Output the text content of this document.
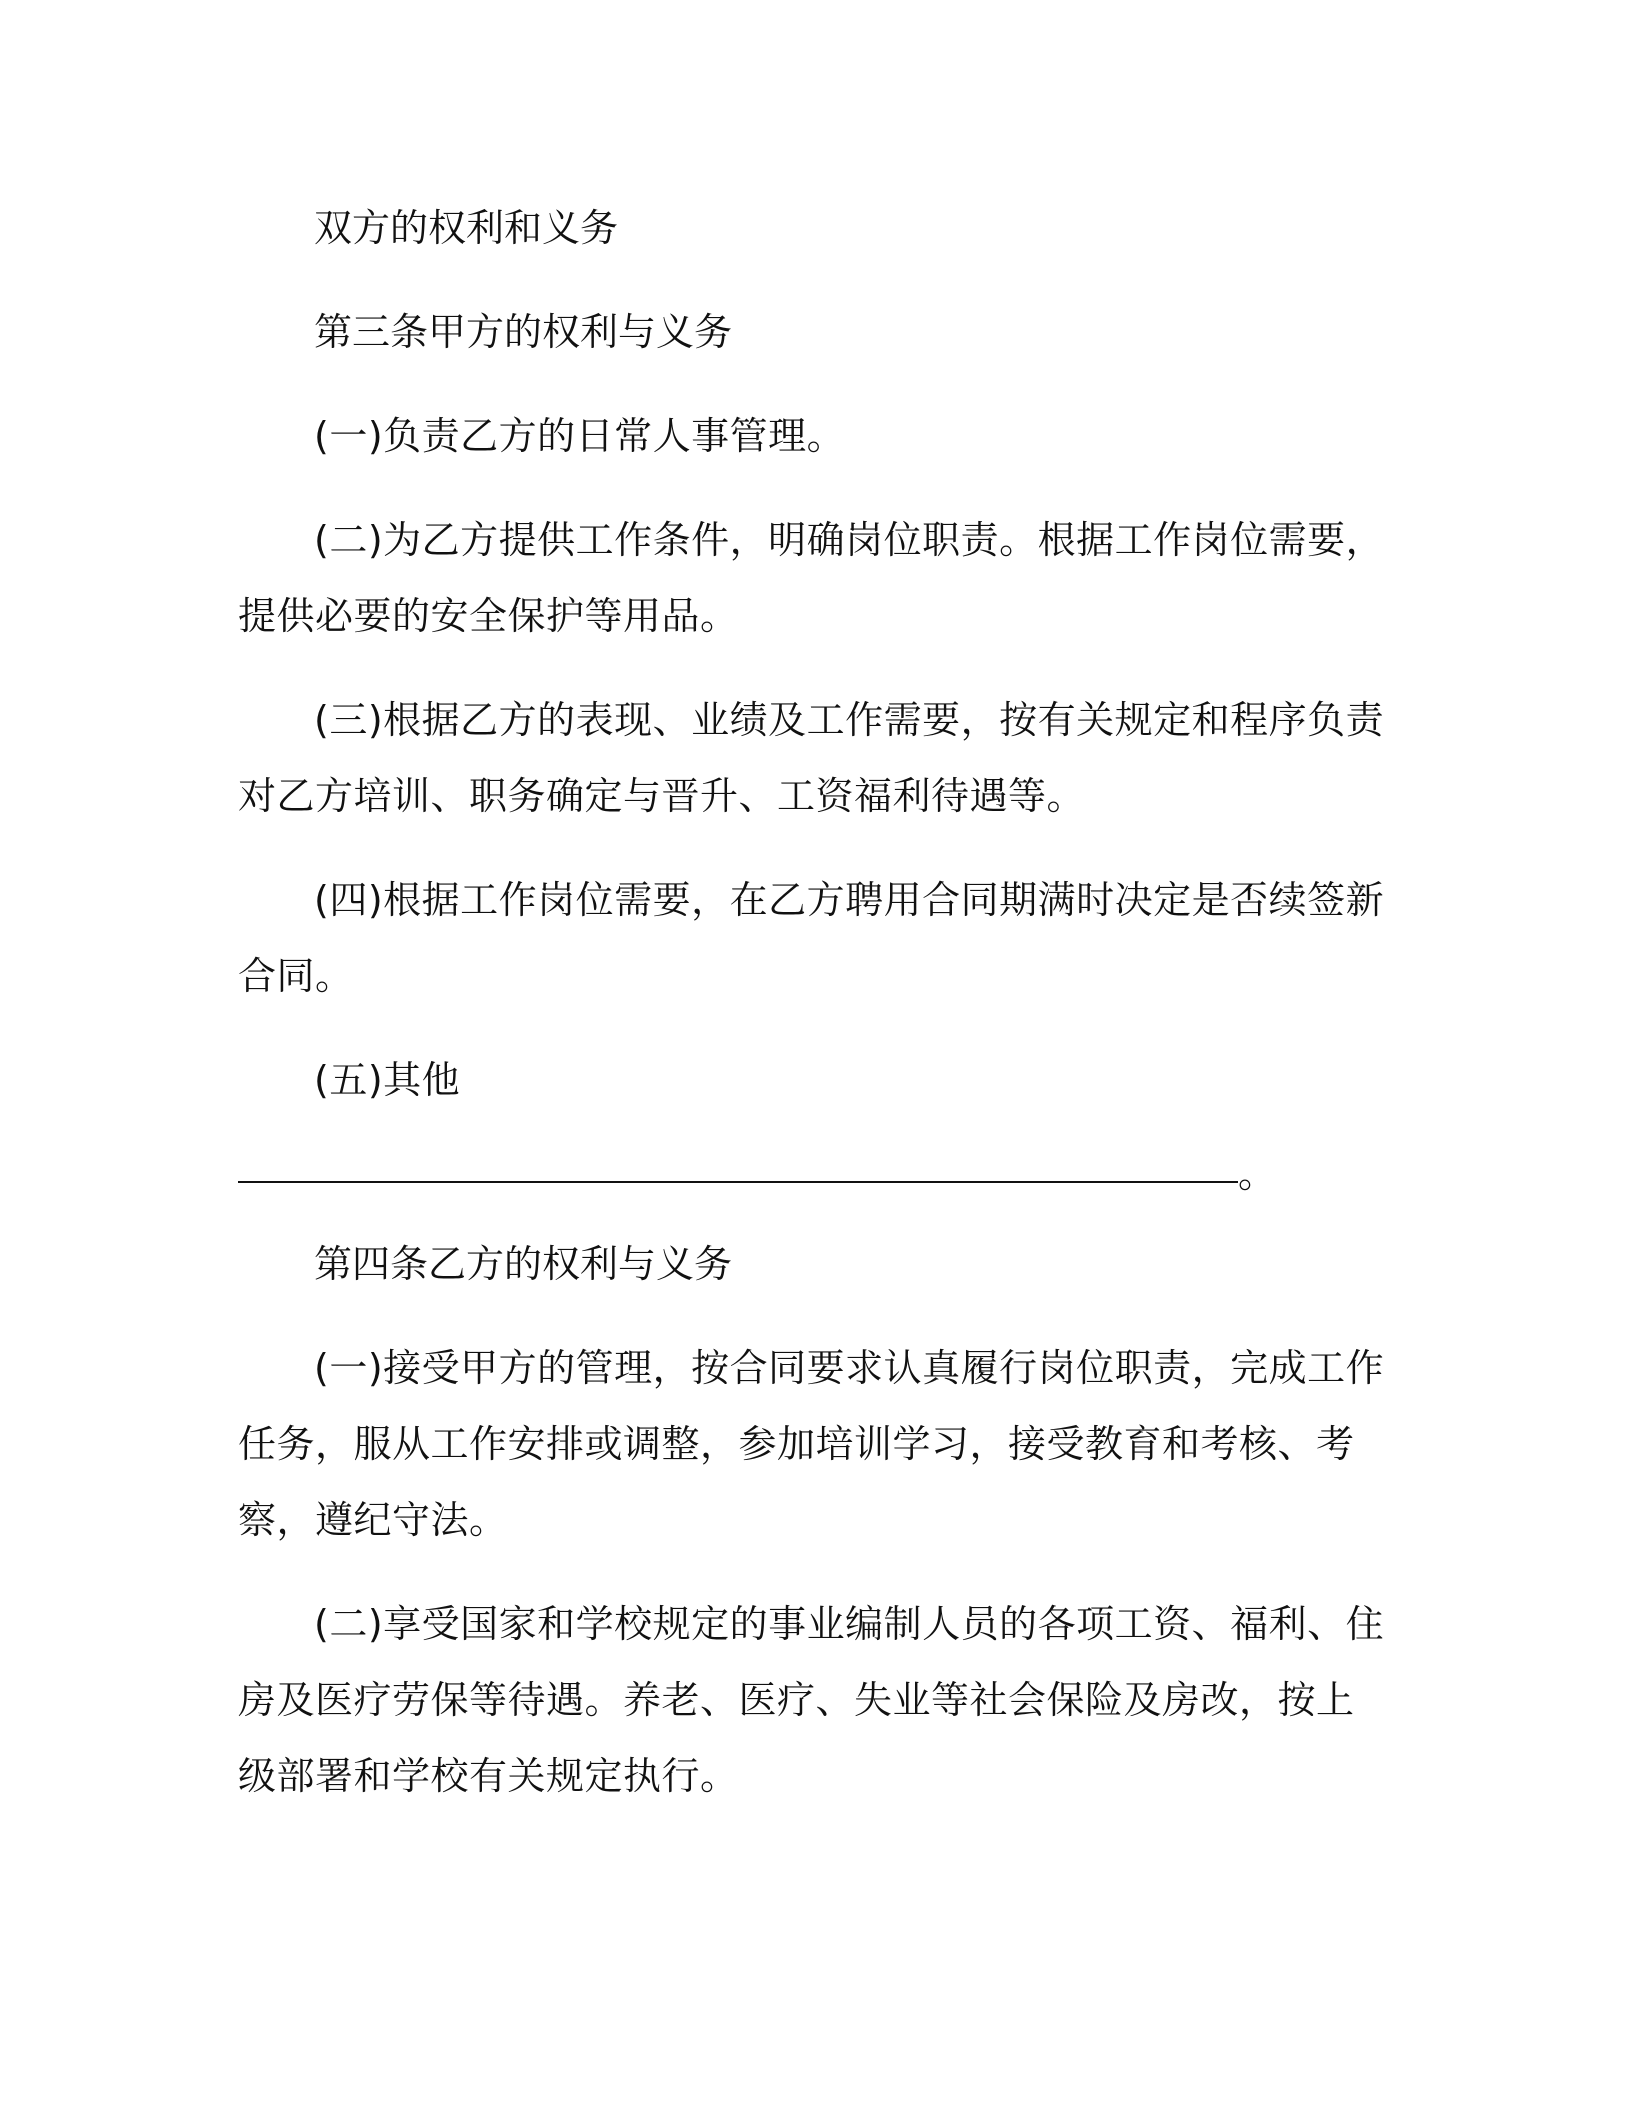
双方的权利和义务

第三条甲方的权利与义务

(一)负责乙方的日常人事管理。

(二)为乙方提供工作条件，明确岗位职责。根据工作岗位需要，提供必要的安全保护等用品。

(三)根据乙方的表现、业绩及工作需要，按有关规定和程序负责对乙方培训、职务确定与晋升、工资福利待遇等。

(四)根据工作岗位需要，在乙方聘用合同期满时决定是否续签新合同。

(五)其他

。

第四条乙方的权利与义务

(一)接受甲方的管理，按合同要求认真履行岗位职责，完成工作任务，服从工作安排或调整，参加培训学习，接受教育和考核、考察，遵纪守法。

(二)享受国家和学校规定的事业编制人员的各项工资、福利、住房及医疗劳保等待遇。养老、医疗、失业等社会保险及房改，按上级部署和学校有关规定执行。
